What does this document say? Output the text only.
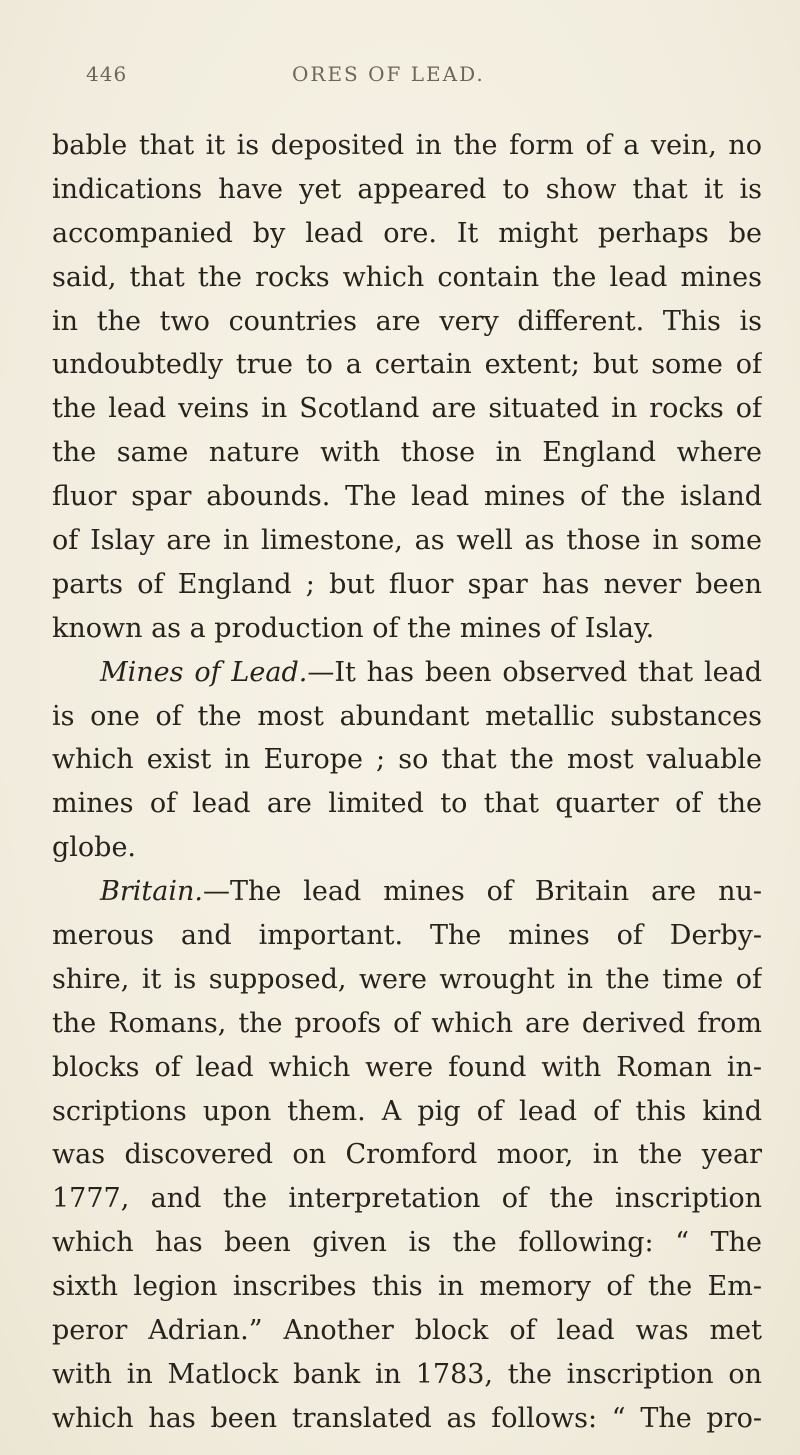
446	ORES OF LEAD.
bable that it is deposited in the form of a vein, no
indications have yet appeared to show that it is
accompanied by lead ore. It might perhaps be
said, that the rocks which contain the lead mines
in the two countries are very different. This is
undoubtedly true to a certain extent; but some of
the lead veins in Scotland are situated in rocks of
the same nature with those in England where
fluor spar abounds. The lead mines of the island
of Islay are in limestone, as well as those in some
parts of England ; but fluor spar has never been
known as a production of the mines of Islay.
Mines of Lead.—It has been observed that lead
is one of the most abundant metallic substances
which exist in Europe ; so that the most valuable
mines of lead are limited to that quarter of the
globe.
Britain.—The lead mines of Britain are nu-
merous and important. The mines of Derby-
shire, it is supposed, were wrought in the time of
the Romans, the proofs of which are derived from
blocks of lead which were found with Roman in-
scriptions upon them. A pig of lead of this kind
was discovered on Cromford moor, in the year
1777, and the interpretation of the inscription
which has been given is the following: “ The
sixth legion inscribes this in memory of the Em-
peror Adrian.” Another block of lead was met
with in Matlock bank in 1783, the inscription on
which has been translated as follows: “ The pro-
